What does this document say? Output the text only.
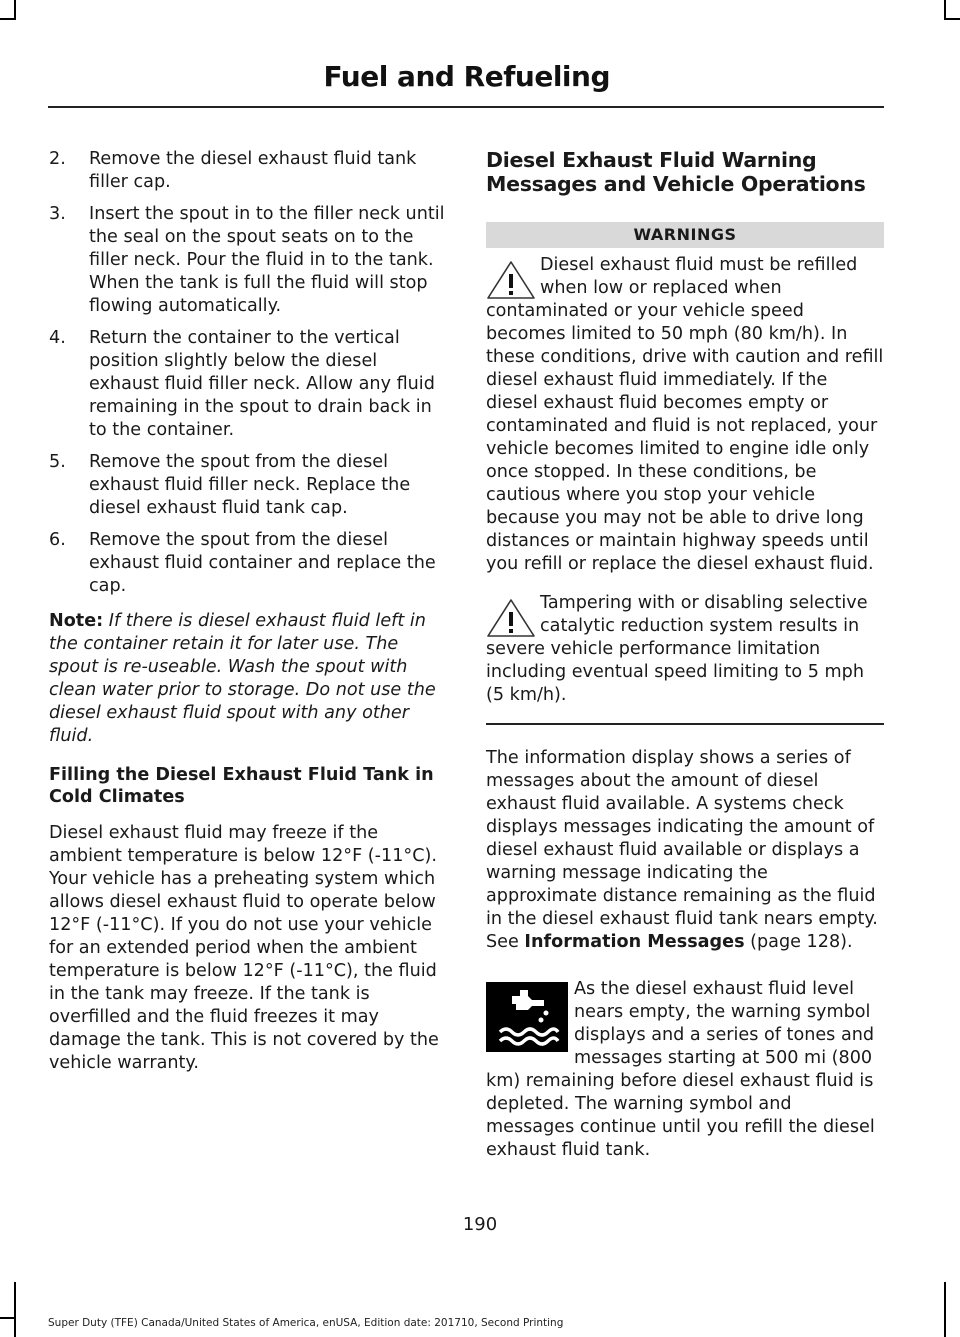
Fuel and Refueling
2.	Remove the diesel exhaust fluid tank filler cap.
3.	Insert the spout in to the filler neck until the seal on the spout seats on to the filler neck. Pour the fluid in to the tank. When the tank is full the fluid will stop flowing automatically.
4.	Return the container to the vertical position slightly below the diesel exhaust fluid filler neck. Allow any fluid remaining in the spout to drain back in to the container.
5.	Remove the spout from the diesel exhaust fluid filler neck. Replace the diesel exhaust fluid tank cap.
6.	Remove the spout from the diesel exhaust fluid container and replace the cap.

Note: If there is diesel exhaust fluid left in the container retain it for later use. The spout is re-useable. Wash the spout with clean water prior to storage. Do not use the diesel exhaust fluid spout with any other fluid.

Filling the Diesel Exhaust Fluid Tank in Cold Climates

Diesel exhaust fluid may freeze if the ambient temperature is below 12°F (-11°C). Your vehicle has a preheating system which allows diesel exhaust fluid to operate below 12°F (-11°C). If you do not use your vehicle for an extended period when the ambient temperature is below 12°F (-11°C), the fluid in the tank may freeze. If the tank is overfilled and the fluid freezes it may damage the tank. This is not covered by the vehicle warranty.

Diesel Exhaust Fluid Warning Messages and Vehicle Operations
WARNINGS

Diesel exhaust fluid must be refilled when low or replaced when contaminated or your vehicle speed becomes limited to 50 mph (80 km/h). In these conditions, drive with caution and refill diesel exhaust fluid immediately. If the diesel exhaust fluid becomes empty or contaminated and fluid is not replaced, your vehicle becomes limited to engine idle only once stopped. In these conditions, be cautious where you stop your vehicle because you may not be able to drive long distances or maintain highway speeds until you refill or replace the diesel exhaust fluid.

Tampering with or disabling selective catalytic reduction system results in severe vehicle performance limitation including eventual speed limiting to 5 mph (5 km/h).

The information display shows a series of messages about the amount of diesel exhaust fluid available. A systems check displays messages indicating the amount of diesel exhaust fluid available or displays a warning message indicating the approximate distance remaining as the fluid in the diesel exhaust fluid tank nears empty. See Information Messages (page 128).

As the diesel exhaust fluid level nears empty, the warning symbol displays and a series of tones and messages starting at 500 mi (800 km) remaining before diesel exhaust fluid is depleted. The warning symbol and messages continue until you refill the diesel exhaust fluid tank.

190
Super Duty (TFE) Canada/United States of America, enUSA, Edition date: 201710, Second Printing
